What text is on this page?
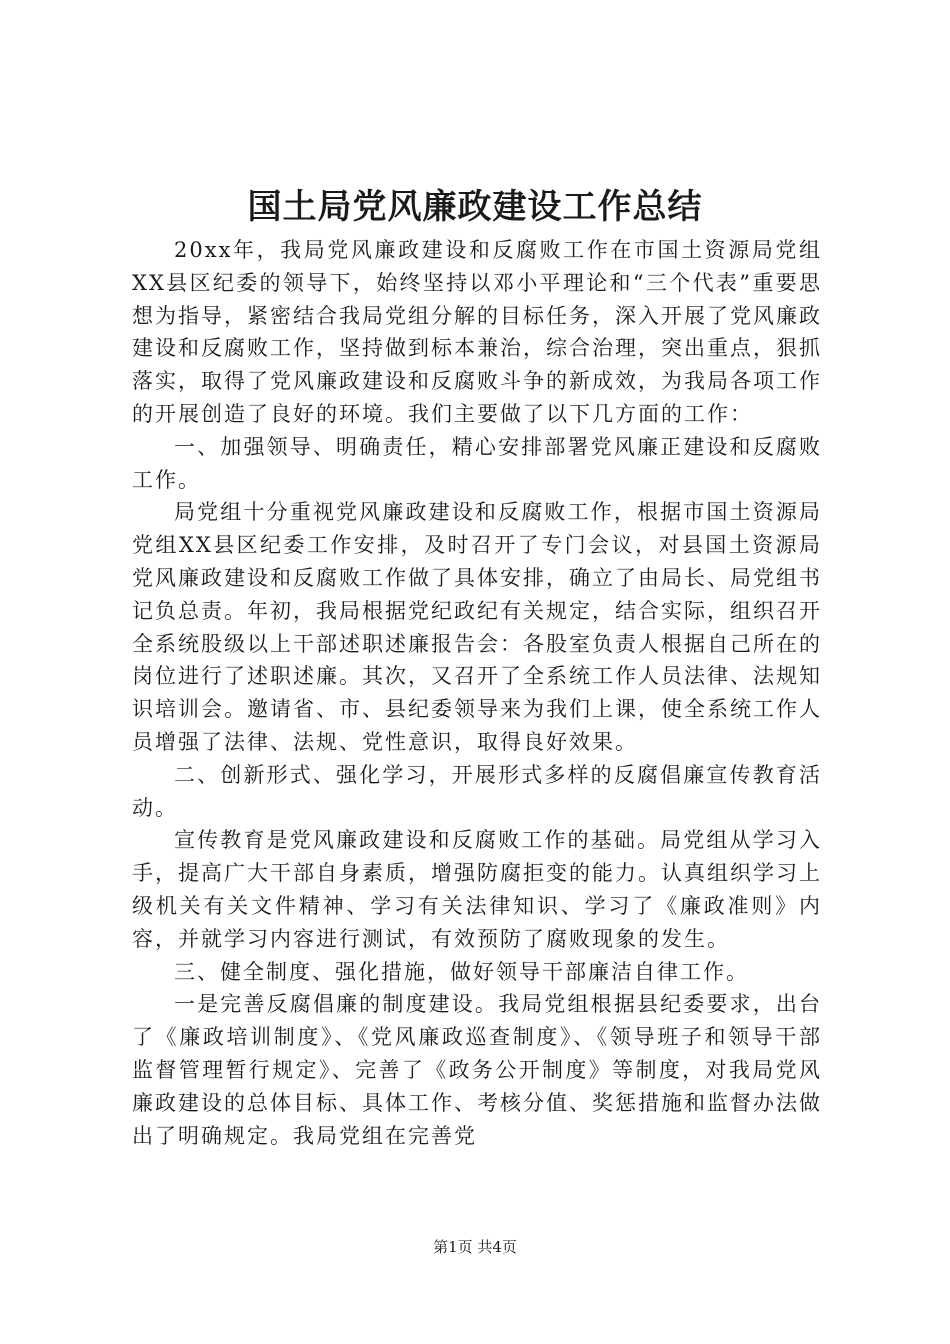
国土局党风廉政建设工作总结

20xx年，我局党风廉政建设和反腐败工作在市国土资源局党组XX县区纪委的领导下，始终坚持以邓小平理论和“三个代表”重要思想为指导，紧密结合我局党组分解的目标任务，深入开展了党风廉政建设和反腐败工作，坚持做到标本兼治，综合治理，突出重点，狠抓落实，取得了党风廉政建设和反腐败斗争的新成效，为我局各项工作的开展创造了良好的环境。我们主要做了以下几方面的工作：

一、加强领导、明确责任，精心安排部署党风廉正建设和反腐败工作。

局党组十分重视党风廉政建设和反腐败工作，根据市国土资源局党组XX县区纪委工作安排，及时召开了专门会议，对县国土资源局党风廉政建设和反腐败工作做了具体安排，确立了由局长、局党组书记负总责。年初，我局根据党纪政纪有关规定，结合实际，组织召开全系统股级以上干部述职述廉报告会：各股室负责人根据自己所在的岗位进行了述职述廉。其次，又召开了全系统工作人员法律、法规知识培训会。邀请省、市、县纪委领导来为我们上课，使全系统工作人员增强了法律、法规、党性意识，取得良好效果。

二、创新形式、强化学习，开展形式多样的反腐倡廉宣传教育活动。

宣传教育是党风廉政建设和反腐败工作的基础。局党组从学习入手，提高广大干部自身素质，增强防腐拒变的能力。认真组织学习上级机关有关文件精神、学习有关法律知识、学习了《廉政准则》内容，并就学习内容进行测试，有效预防了腐败现象的发生。

三、健全制度、强化措施，做好领导干部廉洁自律工作。

一是完善反腐倡廉的制度建设。我局党组根据县纪委要求，出台了《廉政培训制度》、《党风廉政巡查制度》、《领导班子和领导干部监督管理暂行规定》、完善了《政务公开制度》等制度，对我局党风廉政建设的总体目标、具体工作、考核分值、奖惩措施和监督办法做出了明确规定。我局党组在完善党

第1页 共4页
